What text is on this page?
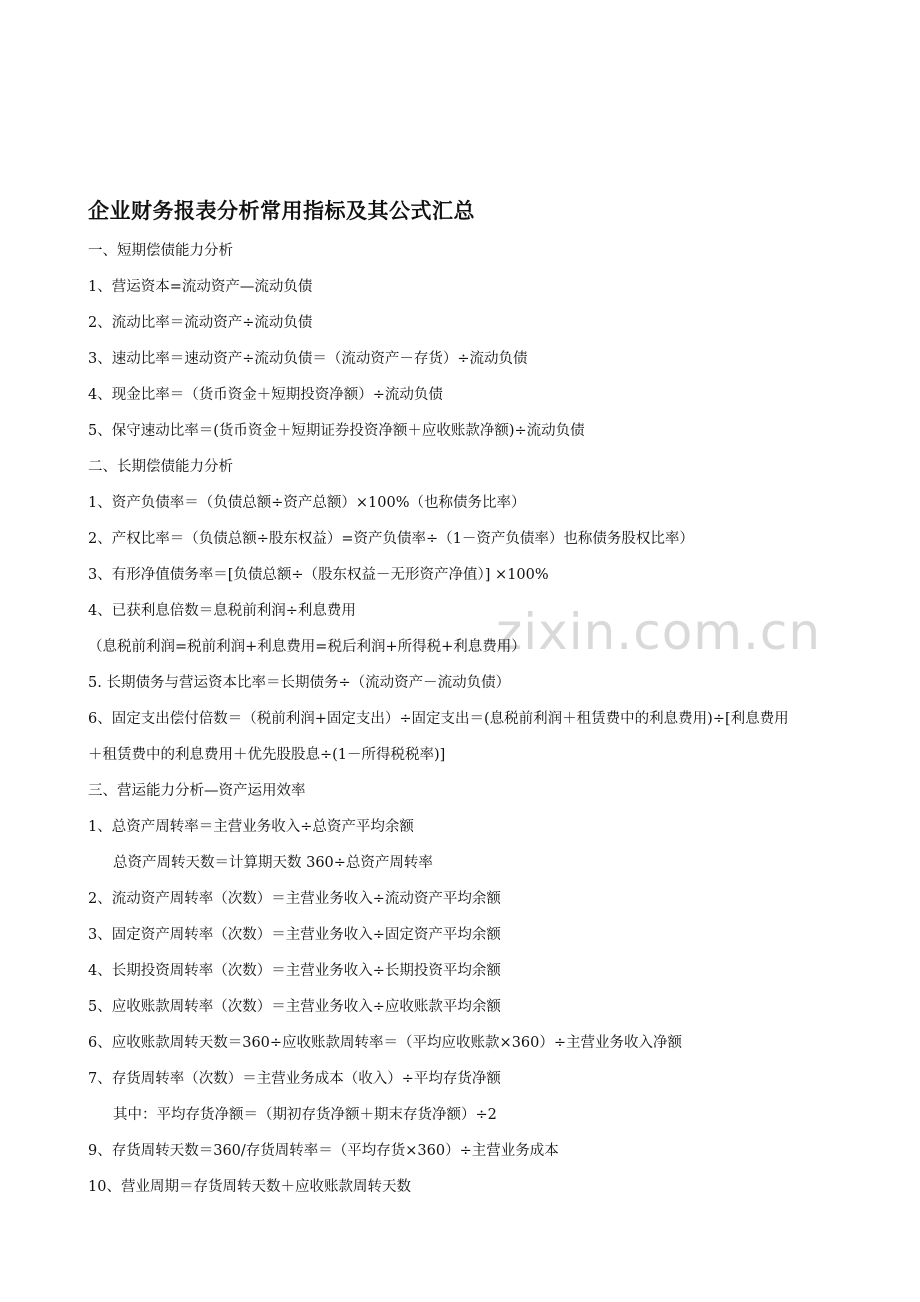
zixin.com.cn
企业财务报表分析常用指标及其公式汇总
一、短期偿债能力分析
1、营运资本=流动资产—流动负债
2、流动比率＝流动资产÷流动负债
3、速动比率＝速动资产÷流动负债＝（流动资产－存货）÷流动负债
4、现金比率＝（货币资金＋短期投资净额）÷流动负债
5、保守速动比率＝(货币资金＋短期证券投资净额＋应收账款净额)÷流动负债
二、长期偿债能力分析
1、资产负债率＝（负债总额÷资产总额）×100%（也称债务比率）
2、产权比率＝（负债总额÷股东权益）=资产负债率÷（1－资产负债率）也称债务股权比率）
3、有形净值债务率＝[负债总额÷（股东权益－无形资产净值）] ×100%
4、已获利息倍数＝息税前利润÷利息费用
（息税前利润=税前利润+利息费用=税后利润+所得税+利息费用）
5. 长期债务与营运资本比率＝长期债务÷（流动资产－流动负债）
6、固定支出偿付倍数＝（税前利润+固定支出）÷固定支出＝(息税前利润＋租赁费中的利息费用)÷[利息费用
＋租赁费中的利息费用＋优先股股息÷(1－所得税税率)]
三、营运能力分析—资产运用效率
1、总资产周转率＝主营业务收入÷总资产平均余额
总资产周转天数＝计算期天数 360÷总资产周转率
2、流动资产周转率（次数）＝主营业务收入÷流动资产平均余额
3、固定资产周转率（次数）＝主营业务收入÷固定资产平均余额
4、长期投资周转率（次数）＝主营业务收入÷长期投资平均余额
5、应收账款周转率（次数）＝主营业务收入÷应收账款平均余额
6、应收账款周转天数＝360÷应收账款周转率＝（平均应收账款×360）÷主营业务收入净额
7、存货周转率（次数）＝主营业务成本（收入）÷平均存货净额
其中：平均存货净额＝（期初存货净额＋期末存货净额）÷2
9、存货周转天数＝360/存货周转率＝（平均存货×360）÷主营业务成本
10、营业周期＝存货周转天数＋应收账款周转天数
